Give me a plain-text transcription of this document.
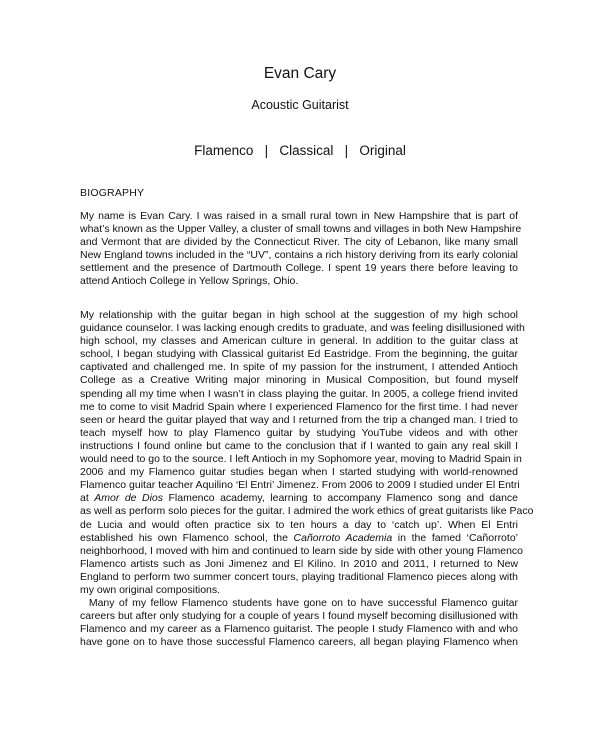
Evan Cary
Acoustic Guitarist
Flamenco   |   Classical   |   Original
BIOGRAPHY
My name is Evan Cary. I was raised in a small rural town in New Hampshire that is part of
what’s known as the Upper Valley, a cluster of small towns and villages in both New Hampshire
and Vermont that are divided by the Connecticut River. The city of Lebanon, like many small
New England towns included in the “UV”, contains a rich history deriving from its early colonial
settlement and the presence of Dartmouth College. I spent 19 years there before leaving to
attend Antioch College in Yellow Springs, Ohio.
My relationship with the guitar began in high school at the suggestion of my high school
guidance counselor. I was lacking enough credits to graduate, and was feeling disillusioned with
high school, my classes and American culture in general. In addition to the guitar class at
school, I began studying with Classical guitarist Ed Eastridge. From the beginning, the guitar
captivated and challenged me. In spite of my passion for the instrument, I attended Antioch
College as a Creative Writing major minoring in Musical Composition, but found myself
spending all my time when I wasn’t in class playing the guitar. In 2005, a college friend invited
me to come to visit Madrid Spain where I experienced Flamenco for the first time. I had never
seen or heard the guitar played that way and I returned from the trip a changed man. I tried to
teach myself how to play Flamenco guitar by studying YouTube videos and with other
instructions I found online but came to the conclusion that if I wanted to gain any real skill I
would need to go to the source. I left Antioch in my Sophomore year, moving to Madrid Spain in
2006 and my Flamenco guitar studies began when I started studying with world-renowned
Flamenco guitar teacher Aquilino ‘El Entri’ Jimenez. From 2006 to 2009 I studied under El Entri
at Amor de Dios Flamenco academy, learning to accompany Flamenco song and dance
as well as perform solo pieces for the guitar. I admired the work ethics of great guitarists like Paco
de Lucia and would often practice six to ten hours a day to ‘catch up’. When El Entri
established his own Flamenco school, the Cañorroto Academia in the famed ‘Cañorroto’
neighborhood, I moved with him and continued to learn side by side with other young Flamenco
Flamenco artists such as Joni Jimenez and El Kilino. In 2010 and 2011, I returned to New
England to perform two summer concert tours, playing traditional Flamenco pieces along with
my own original compositions.
Many of my fellow Flamenco students have gone on to have successful Flamenco guitar
careers but after only studying for a couple of years I found myself becoming disillusioned with
Flamenco and my career as a Flamenco guitarist. The people I study Flamenco with and who
have gone on to have those successful Flamenco careers, all began playing Flamenco when
